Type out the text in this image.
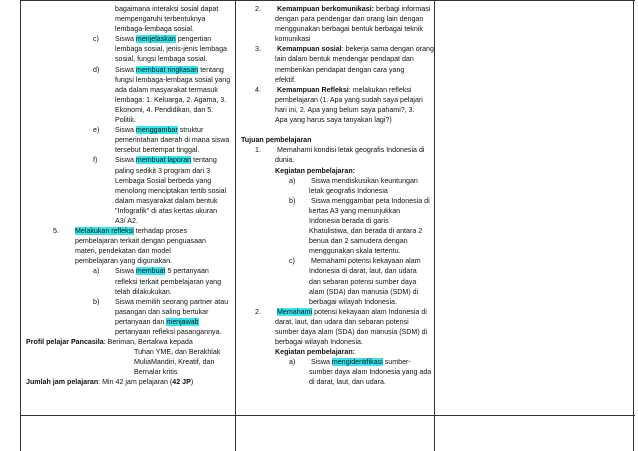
bagaimana interaksi sosial dapat

mempengaruhi terbentuknya

lembaga-lembaga sosial.

c) Siswa menjelaskan pengertian

lembaga sosial, jenis-jenis lembaga

sosial, fungsi lembaga sosial.

d) Siswa membuat ringkasan tentang

fungsi lembaga-lembaga sosial yang

ada dalam masyarakat termasuk

lembaga: 1. Keluarga, 2. Agama, 3.

Ekonomi, 4. Pendidikan, dan 5.

Politik.

e) Siswa menggambar struktur

pemerintahan daerah di mana siswa

tersebut bertempat tinggal.

f) Siswa membuat laporan tentang

paling sedikit 3 program dari 3

Lembaga Sosial berbeda yang

menolong menciptakan tertib sosial

dalam masyarakat dalam bentuk

"Infografik" di atas kertas ukuran

A3/ A2.

5. Melakukan refleksi terhadap proses

pembelajaran terkait dengan penguasaan

materi, pendekatan dan model

pembelajaran yang digunakan.

a) Siswa membuat 5 pertanyaan

refleksi terkait pembelajaran yang

telah dilakukukan.

b) Siswa memilih seorang partner atau

pasangan dan saling bertukar

pertanyaan dan menjawab

pertanyaan refleksi pasangannya.

Profil pelajar Pancasila: Beriman, Bertakwa kepada

Tuhan YME, dan Berakhlak

MuliaMandiri, Kreatif, dan

Bernalar kritis

Jumlah jam pelajaran: Min 42 jam pelajaran (42 JP)

2. Kemampuan berkomunikasi: berbagi informasi

dengan para pendengar dan orang lain dengan

menggunakan berbagai bentuk berbagai teknik

komunikasi

3. Kemampuan sosial: bekerja sama dengan orang

lain dalam bentuk mendengar pendapat dan

memberikan pendapat dengan cara yang

efektif.

4. Kemampuan Refleksi: melakukan refleksi

pembelajaran (1. Apa yang sudah saya pelajari

hari ini, 2. Apa yang belum saya pahami?, 3.

Apa yang harus saya tanyakan lagi?)

Tujuan pembelajaran

1. Memahami kondisi letak geografis Indonesia di

dunia.

Kegiatan pembelajaran:

a) Siswa mendiskusikan keuntungan

letak geografis Indonesia

b) Siswa menggambar peta Indonesia di

kertas A3 yang menunjukkan

Indonesia berada di garis

Khatulistiwa, dan berada di antara 2

benua dan 2 samudera dengan

menggunakan skala tertentu.

c) Memahami potensi kekayaan alam

Indonesia di darat, laut, dan udara

dan sebaran potensi sumber daya

alam (SDA) dan manusia (SDM) di

berbagai wilayah Indonesia.

2. Memahami potensi kekayaan alam Indonesia di

darat, laut, dan udara dan sebaran potensi

sumber daya alam (SDA) dan manusia (SDM) di

berbagai wilayah Indonesia.

Kegiatan pembelajaran:

a) Siswa mengidentifikasi sumber-

sumber daya alam Indonesia yang ada

di darat, laut, dan udara.
